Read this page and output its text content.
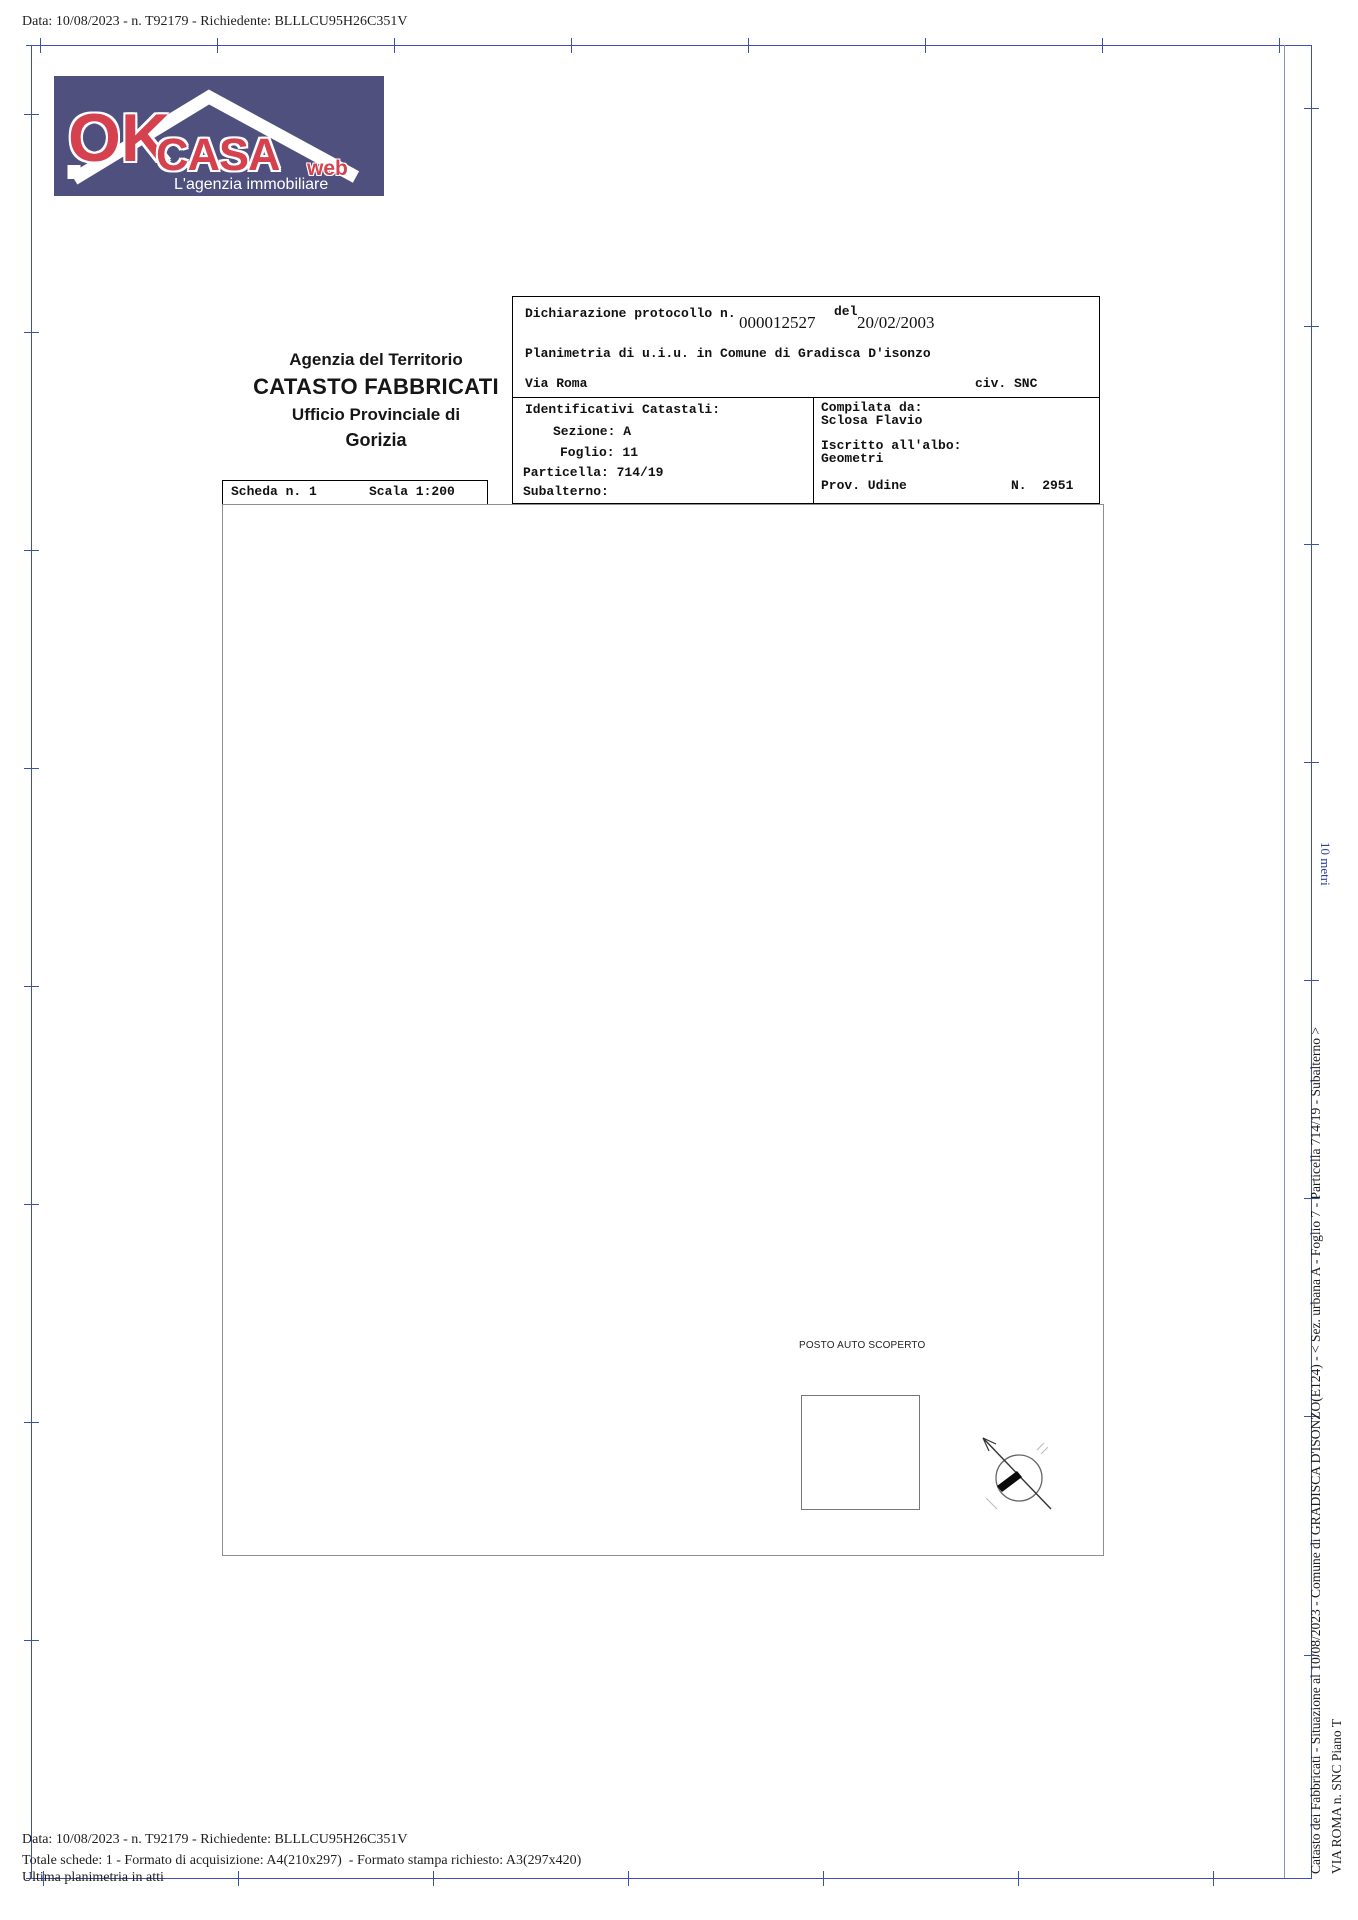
Data: 10/08/2023 - n. T92179 - Richiedente: BLLLCU95H26C351V
OK
CASA web
L'agenzia immobiliare
Agenzia del Territorio
CATASTO FABBRICATI
Ufficio Provinciale di
Gorizia
Dichiarazione protocollo n. 000012527
del
20/02/2003
Planimetria di u.i.u. in Comune di Gradisca D'isonzo
Via Roma	civ. SNC
Identificativi Catastali:
Sezione: A
Foglio: 11
Particella: 714/19
Subalterno:
Compilata da:
Sclosa Flavio
Iscritto all'albo:
Geometri
Prov. Udine	N.  2951
Scheda n. 1	Scala 1:200
POSTO AUTO SCOPERTO	Catasto dei Fabbricati - Situazione al 10/08/2023 - Comune di GRADISCA D'ISONZO(E124) - < Sez. urbana A - Foglio 7 - Particella 714/19 - Subalterno > VIA ROMA n. SNC Piano T
10 metri
Data: 10/08/2023 - n. T92179 - Richiedente: BLLLCU95H26C351V
Totale schede: 1 - Formato di acquisizione: A4(210x297)  - Formato stampa richiesto: A3(297x420)
Ultima planimetria in atti
